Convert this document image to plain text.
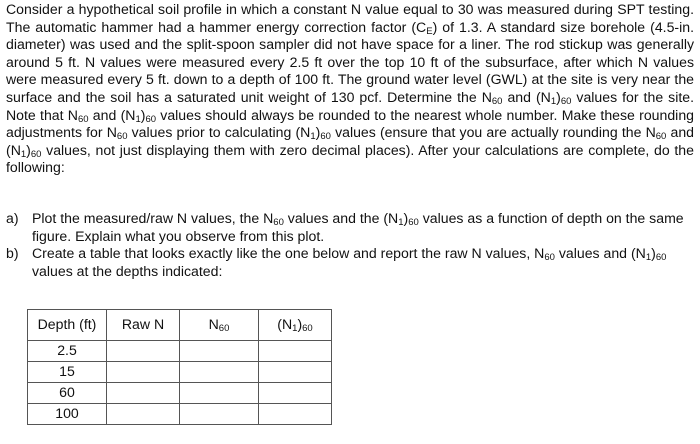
Consider a hypothetical soil profile in which a constant N value equal to 30 was measured during SPT testing. The automatic hammer had a hammer energy correction factor $(C_E)$ of 1.3. A standard size borehole (4.5-in. diameter) was used and the split-spoon sampler did not have space for a liner. The rod stickup was generally around 5 ft. N values were measured every 2.5 ft over the top 10 ft of the subsurface, after which N values were measured every 5 ft. down to a depth of 100 ft. The ground water level (GWL) at the site is very near the surface and the soil has a saturated unit weight of 130 pcf. Determine the $N_{60}$ and $(N_1)_{60}$ values for the site. Note that $N_{60}$ and $(N_1)_{60}$ values should always be rounded to the nearest whole number. Make these rounding adjustments for $N_{60}$ values prior to calculating $(N_1)_{60}$ values (ensure that you are actually rounding the $N_{60}$ and $(N_1)_{60}$ values, not just displaying them with zero decimal places). After your calculations are complete, do the following:

a) Plot the measured/raw N values, the $N_{60}$ values and the $(N_1)_{60}$ values as a function of depth on the same figure. Explain what you observe from this plot.

b) Create a table that looks exactly like the one below and report the raw N values, $N_{60}$ values and $(N_1)_{60}$ values at the depths indicated:

Depth (ft)	Raw N	$N_{60}$	$(N_1)_{60}$
2.5			
15			
60			
100			
